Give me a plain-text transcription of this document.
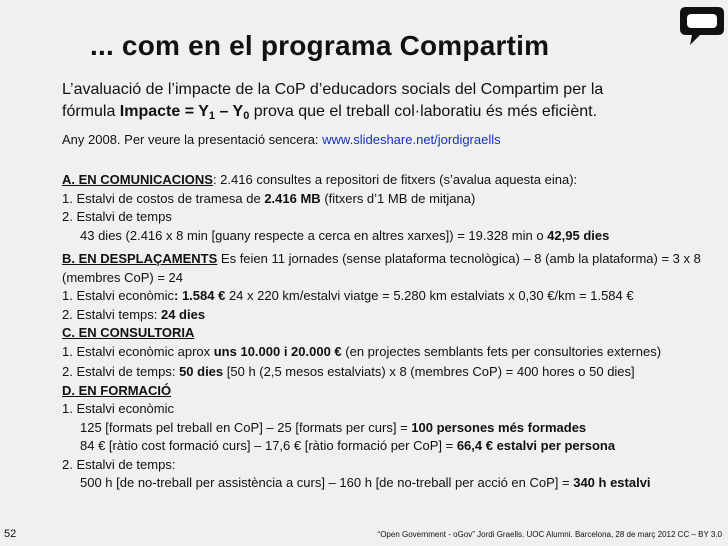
... com en el programa Compartim
L’avaluació de l’impacte de la CoP d’educadors socials del Compartim per la
fórmula Impacte = $Y_1 - Y_0$ prova que el treball col·laboratiu és més eficiènt.
Any 2008. Per veure la presentació sencera: www.slideshare.net/jordigraells

A. EN COMUNICACIONS: 2.416 consultes a repositori de fitxers (s’avalua aquesta eina):

1. Estalvi de costos de tramesa de 2.416 MB (fitxers d’1 MB de mitjana)

2. Estalvi de temps

43 dies (2.416 x 8 min [guany respecte a cerca en altres xarxes]) = 19.328 min o 42,95 dies

B. EN DESPLAÇAMENTS Es feien 11 jornades (sense plataforma tecnològica) – 8 (amb la plataforma) = 3 x 8 (membres CoP) = 24

1. Estalvi econòmic: 1.584 € 24 x 220 km/estalvi viatge = 5.280 km estalviats x 0,30 €/km = 1.584 €

2. Estalvi temps: 24 dies

C. EN CONSULTORIA

1. Estalvi econòmic aprox uns 10.000 i 20.000 € (en projectes semblants fets per consultories externes)

2. Estalvi de temps: 50 dies [50 h (2,5 mesos estalviats) x 8 (membres CoP) = 400 hores o 50 dies]

D. EN FORMACIÓ

1. Estalvi econòmic

125 [formats pel treball en CoP] – 25 [formats per curs] = 100 persones més formades

84 € [ràtio cost formació curs] – 17,6 € [ràtio formació per CoP] = 66,4 € estalvi per persona

2. Estalvi de temps:

500 h [de no-treball per assistència a curs] – 160 h [de no-treball per acció en CoP] = 340 h estalvi

52	“Open Government - oGov” Jordi Graells. UOC Alumni. Barcelona, 28 de març 2012 CC – BY 3.0
